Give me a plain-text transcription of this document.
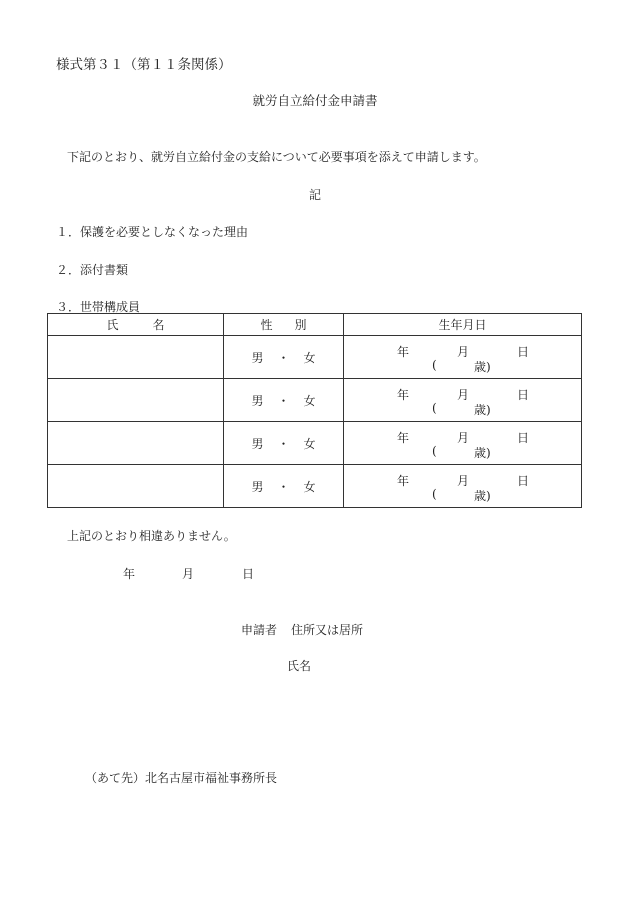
様式第３１（第１１条関係）
就労自立給付金申請書
下記のとおり、就労自立給付金の支給について必要事項を添えて申請します。
記
１．保護を必要としなくなった理由
２．添付書類
３．世帯構成員
氏 名	性 別	生年月日
	男 ・ 女	年 月 日
( 歳)

	男 ・ 女	年 月 日
( 歳)

	男 ・ 女	年 月 日
( 歳)

	男 ・ 女	年 月 日
( 歳)
上記のとおり相違ありません。
年	月	日
申請者 住所又は居所
氏名
（あて先）北名古屋市福祉事務所長
